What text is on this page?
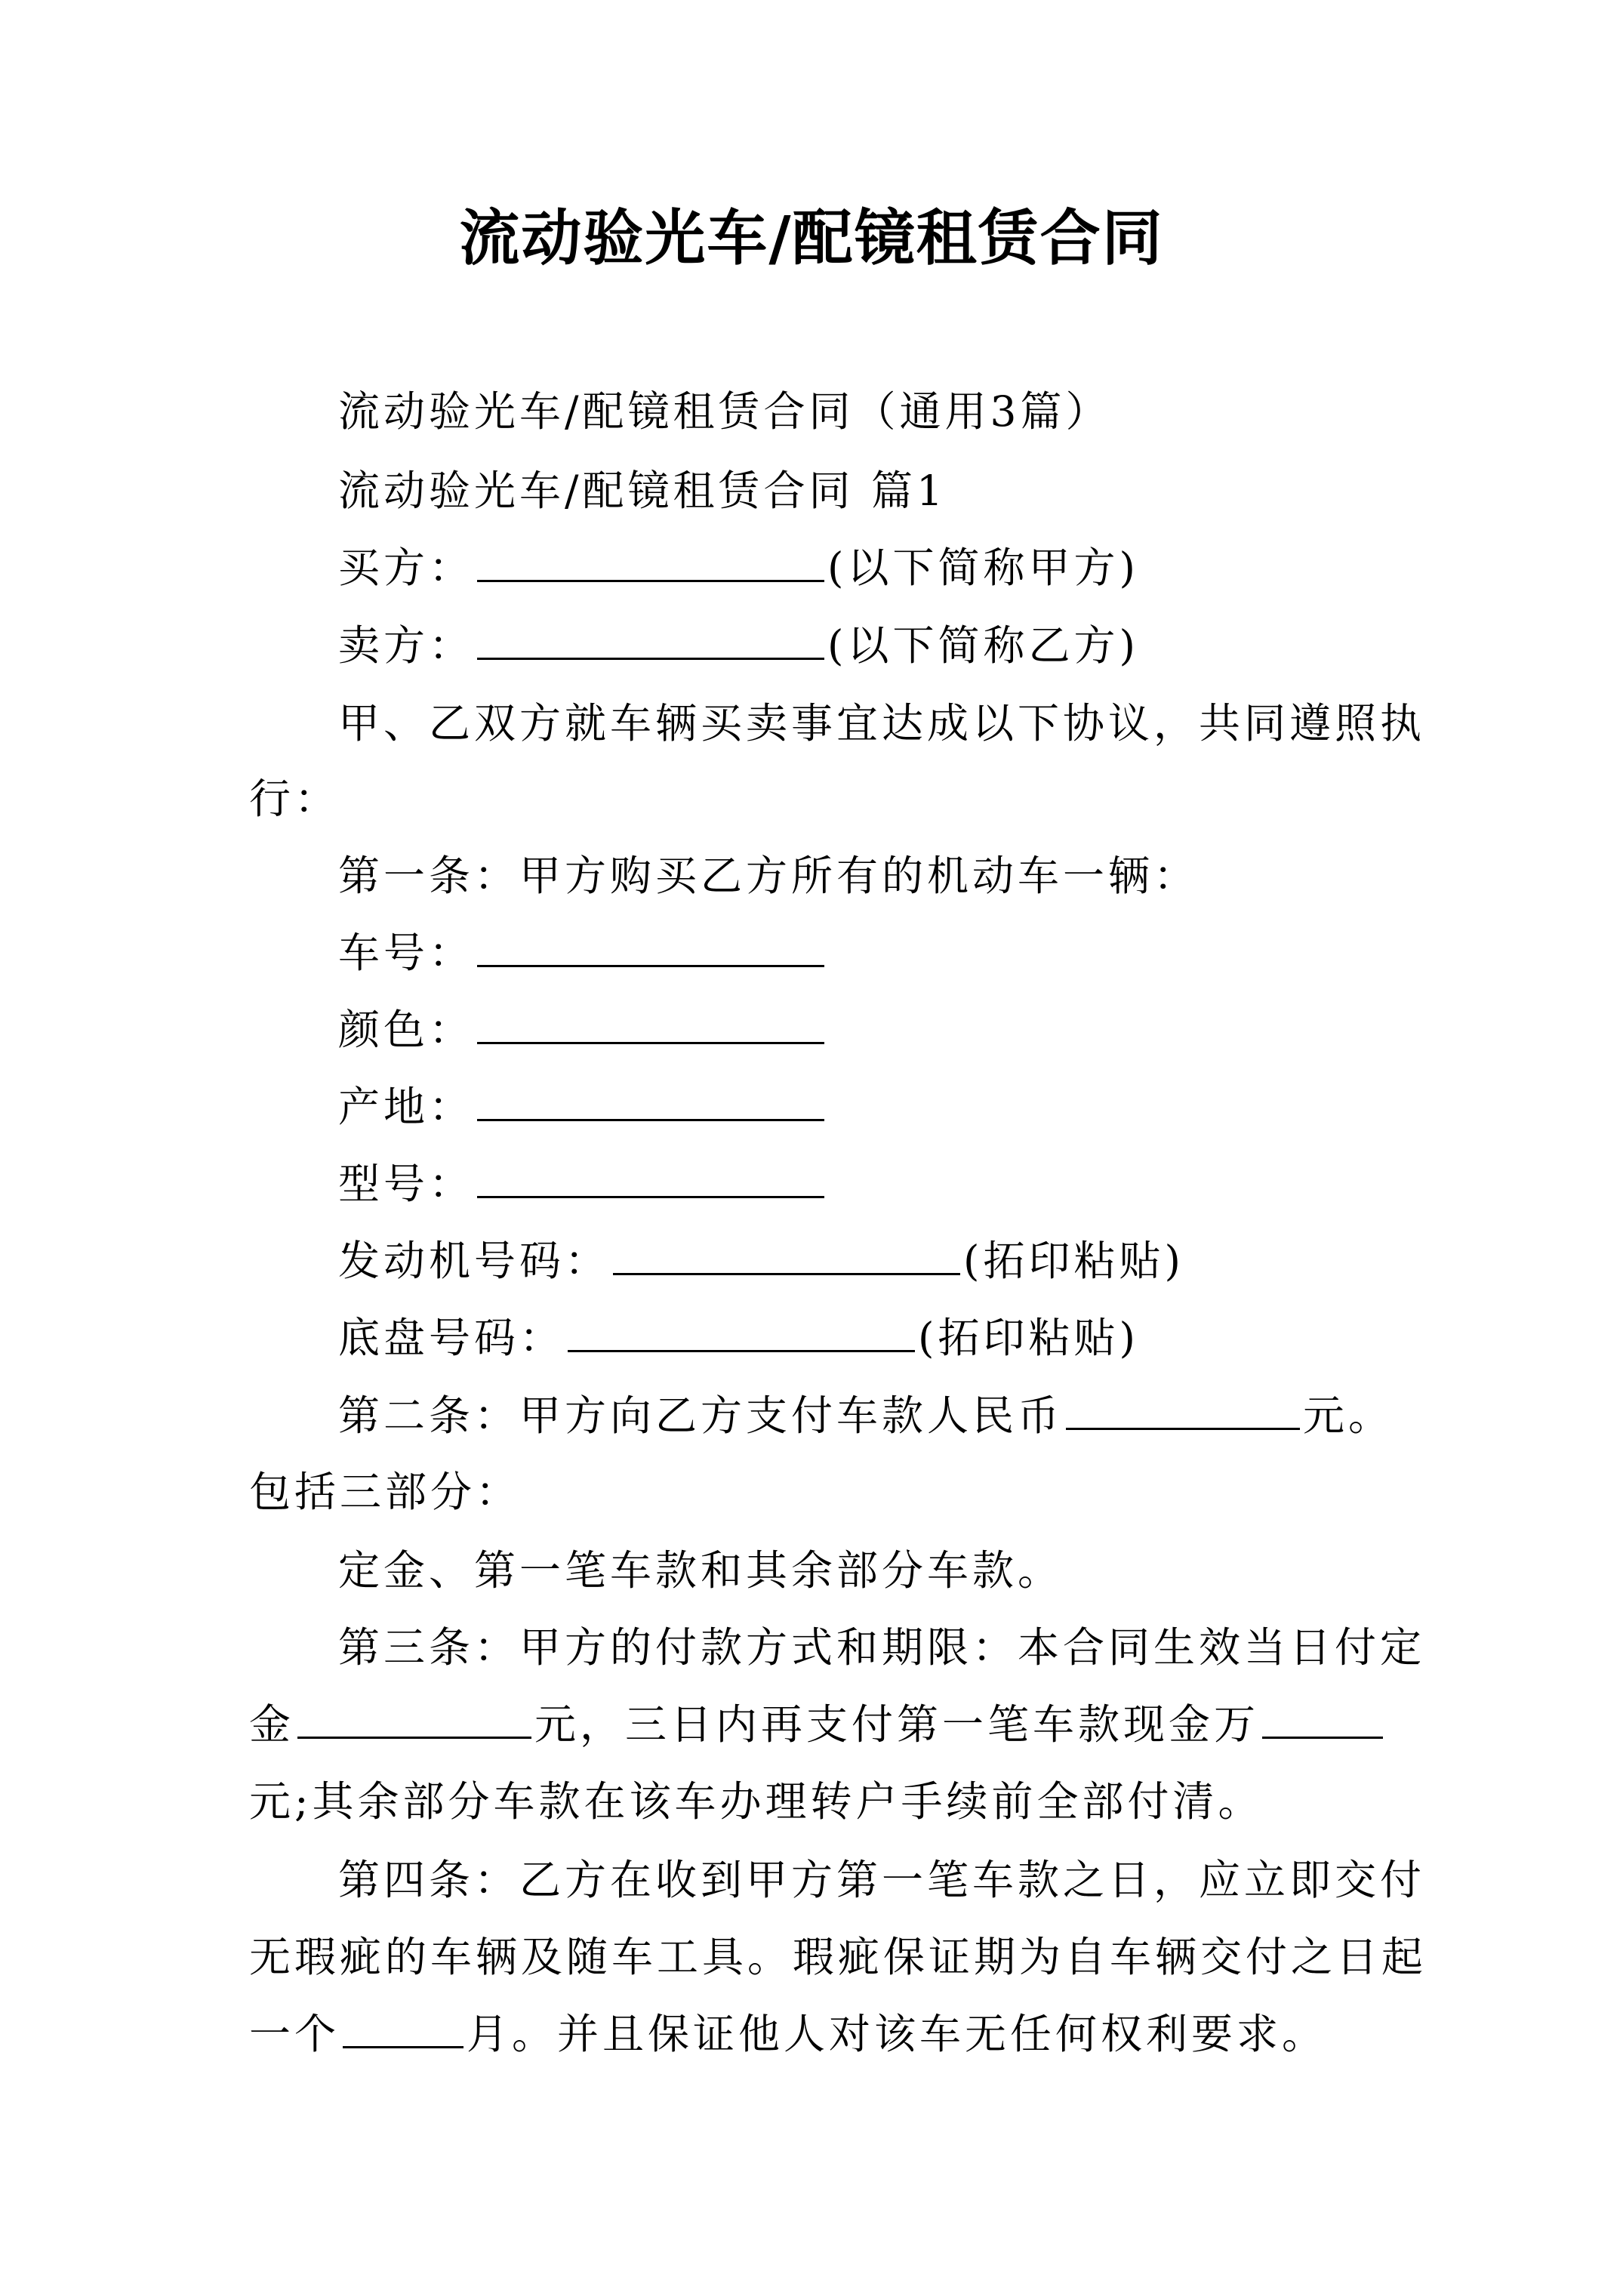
流动验光车/配镜租赁合同
流动验光车/配镜租赁合同（通用3篇）
流动验光车/配镜租赁合同 篇1
买方：	(以下简称甲方)
卖方：	(以下简称乙方)
甲、乙双方就车辆买卖事宜达成以下协议，共同遵照执
行：
第一条：甲方购买乙方所有的机动车一辆：
车号：
颜色：
产地：
型号：
发动机号码：	(拓印粘贴)
底盘号码：	(拓印粘贴)
第二条：甲方向乙方支付车款人民币	元。
包括三部分：
定金、第一笔车款和其余部分车款。
第三条：甲方的付款方式和期限：本合同生效当日付定
金	元，三日内再支付第一笔车款现金万
元;其余部分车款在该车办理转户手续前全部付清。
第四条：乙方在收到甲方第一笔车款之日，应立即交付
无瑕疵的车辆及随车工具。瑕疵保证期为自车辆交付之日起
一个	月。并且保证他人对该车无任何权利要求。
